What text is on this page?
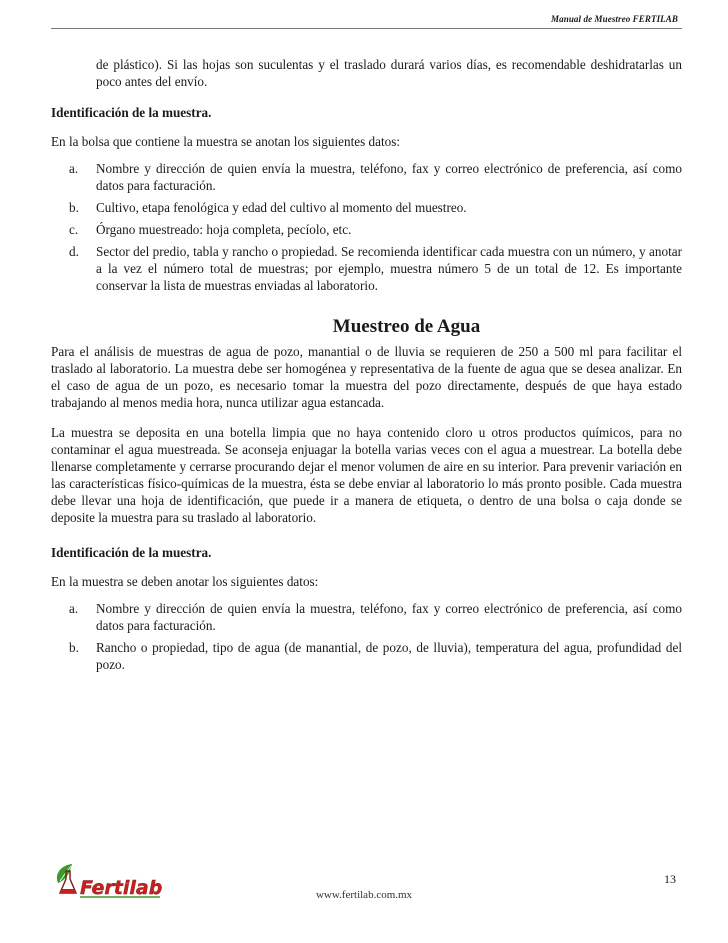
Manual de Muestreo FERTILAB

de plástico). Si las hojas son suculentas y el traslado durará varios días, es recomendable deshidratarlas un poco antes del envío.

Identificación de la muestra.

En la bolsa que contiene la muestra se anotan los siguientes datos:

a. Nombre y dirección de quien envía la muestra, teléfono, fax y correo electrónico de preferencia, así como datos para facturación.
b. Cultivo, etapa fenológica y edad del cultivo al momento del muestreo.
c. Órgano muestreado: hoja completa, pecíolo, etc.
d. Sector del predio, tabla y rancho o propiedad. Se recomienda identificar cada muestra con un número, y anotar a la vez el número total de muestras; por ejemplo, muestra número 5 de un total de 12. Es importante conservar la lista de muestras enviadas al laboratorio.
Muestreo de Agua

Para el análisis de muestras de agua de pozo, manantial o de lluvia se requieren de 250 a 500 ml para facilitar el traslado al laboratorio. La muestra debe ser homogénea y representativa de la fuente de agua que se desea analizar. En el caso de agua de un pozo, es necesario tomar la muestra del pozo directamente, después de que haya estado trabajando al menos media hora, nunca utilizar agua estancada.

La muestra se deposita en una botella limpia que no haya contenido cloro u otros productos químicos, para no contaminar el agua muestreada. Se aconseja enjuagar la botella varias veces con el agua a muestrear. La botella debe llenarse completamente y cerrarse procurando dejar el menor volumen de aire en su interior. Para prevenir variación en las características físico-químicas de la muestra, ésta se debe enviar al laboratorio lo más pronto posible. Cada muestra debe llevar una hoja de identificación, que puede ir a manera de etiqueta, o dentro de una bolsa o caja donde se deposite la muestra para su traslado al laboratorio.

Identificación de la muestra.

En la muestra se deben anotar los siguientes datos:

a. Nombre y dirección de quien envía la muestra, teléfono, fax y correo electrónico de preferencia, así como datos para facturación.
b. Rancho o propiedad, tipo de agua (de manantial, de pozo, de lluvia), temperatura del agua, profundidad del pozo.
Fertilab	13
www.fertilab.com.mx
